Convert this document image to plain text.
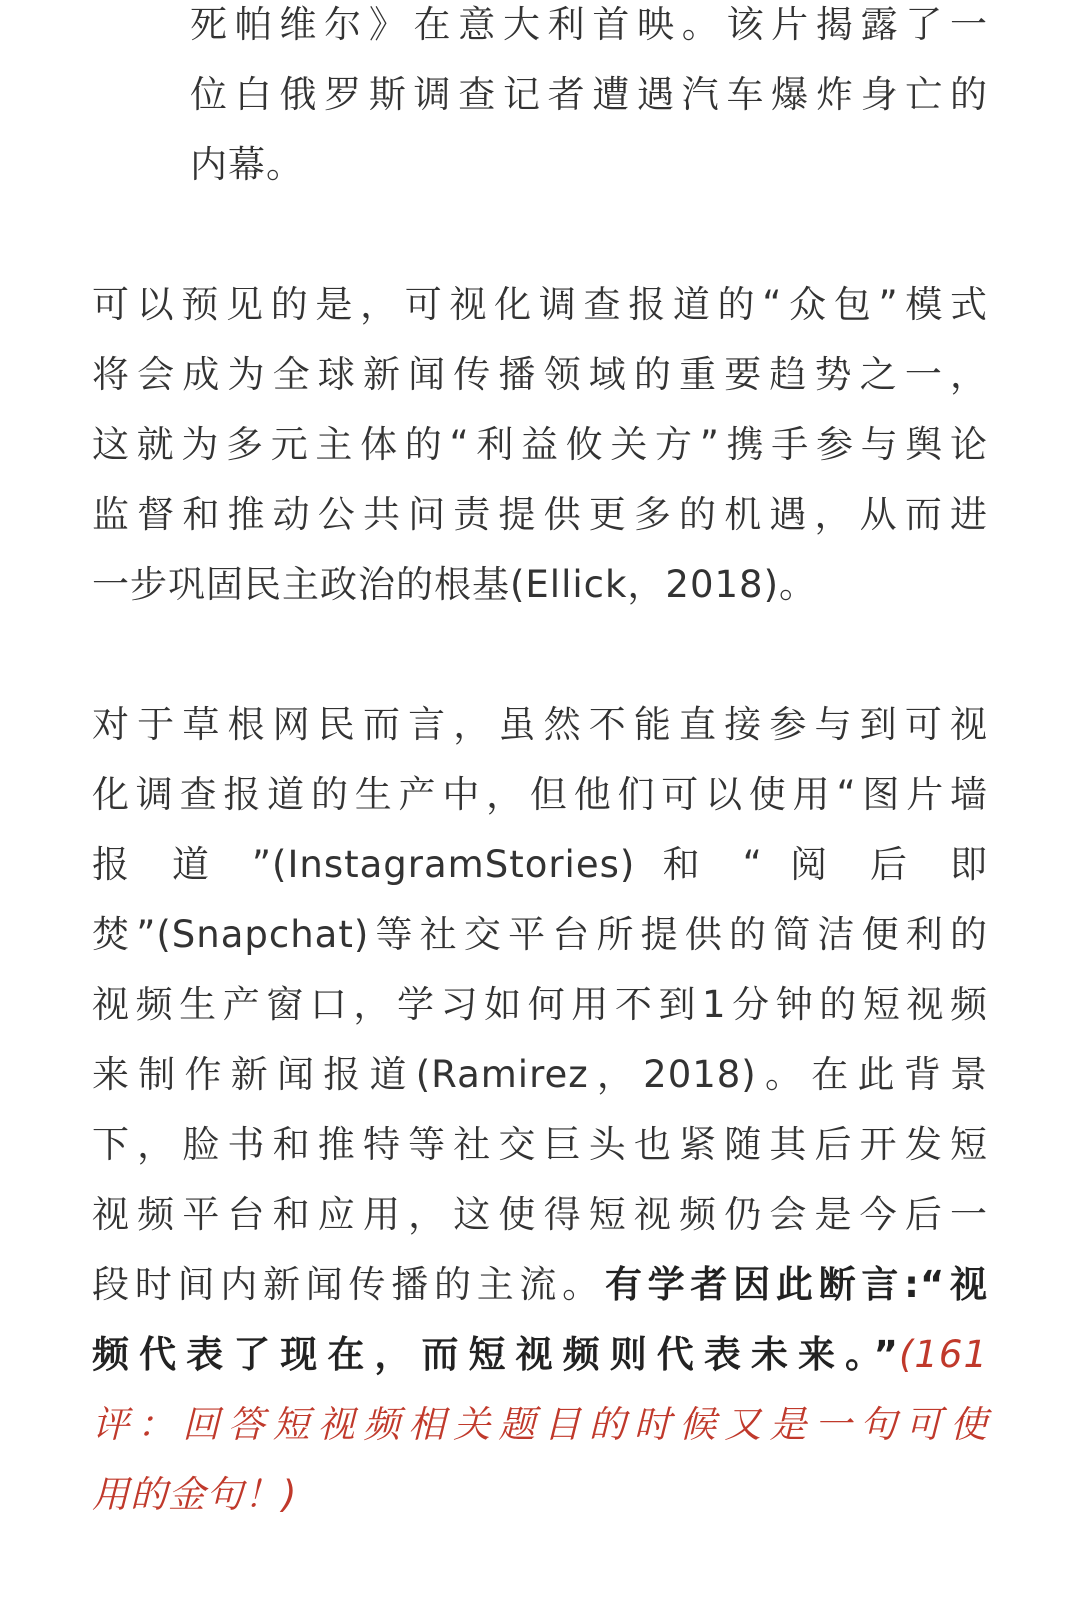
死帕维尔》在意大利首映。该片揭露了一
位白俄罗斯调查记者遭遇汽车爆炸身亡的
内幕。
可以预见的是，可视化调查报道的“众包”模式
将会成为全球新闻传播领域的重要趋势之一，
这就为多元主体的“利益攸关方”携手参与舆论
监督和推动公共问责提供更多的机遇，从而进
一步巩固民主政治的根基(Ellick，2018)。
对于草根网民而言，虽然不能直接参与到可视
化调查报道的生产中，但他们可以使用“图片墙
报 道 ”(InstagramStories) 和 “ 阅 后 即
焚”(Snapchat)等社交平台所提供的简洁便利的
视频生产窗口，学习如何用不到1分钟的短视频
来制作新闻报道(Ramirez，2018)。在此背景
下，脸书和推特等社交巨头也紧随其后开发短
视频平台和应用，这使得短视频仍会是今后一
段时间内新闻传播的主流。有学者因此断言:“视
频代表了现在，而短视频则代表未来。”(161
评：回答短视频相关题目的时候又是一句可使
用的金句！)
